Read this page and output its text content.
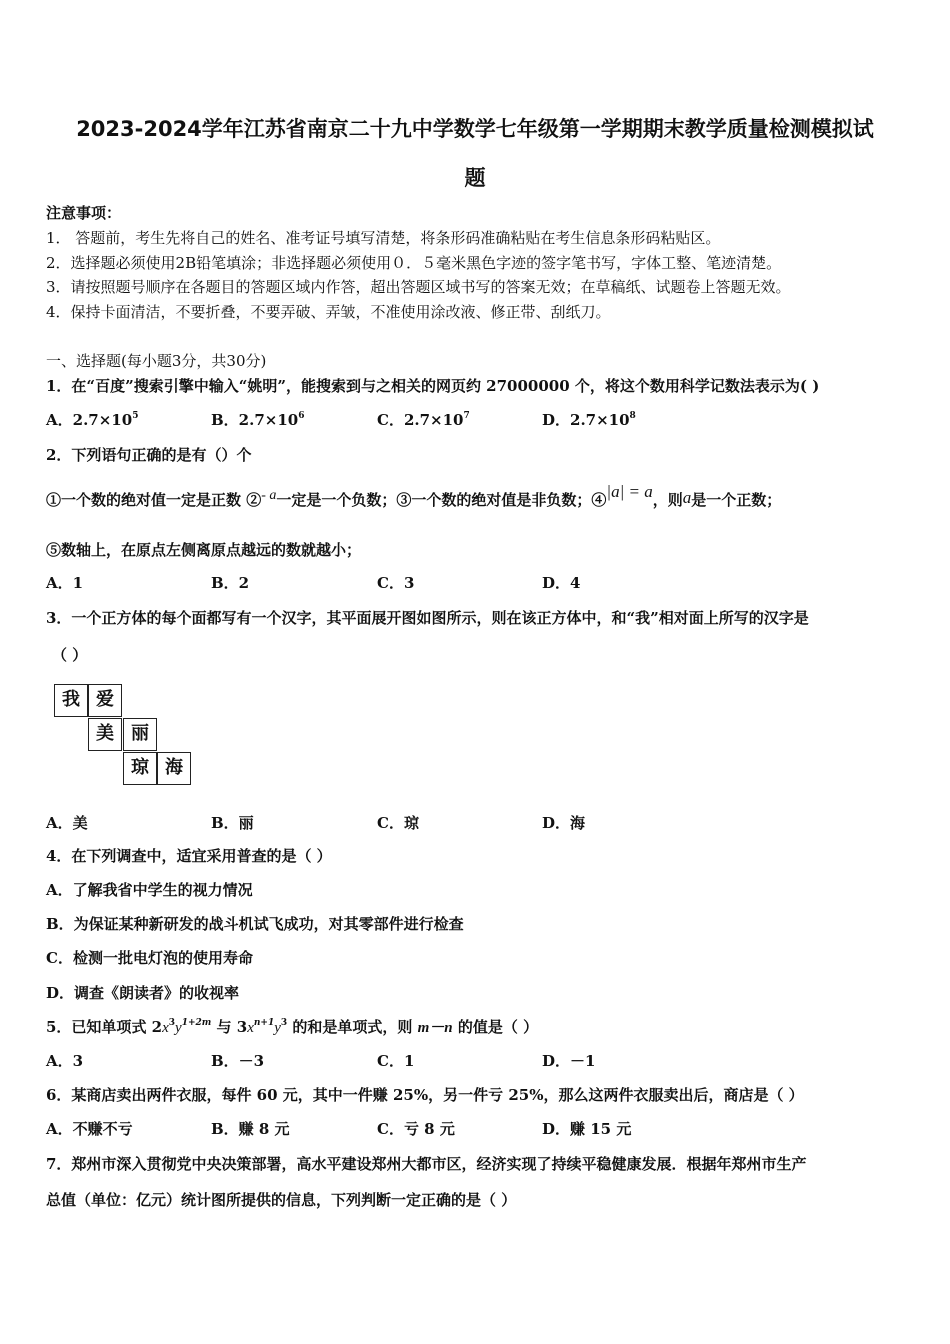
2023-2024学年江苏省南京二十九中学数学七年级第一学期期末教学质量检测模拟试
题
注意事项：
1． 答题前，考生先将自己的姓名、准考证号填写清楚，将条形码准确粘贴在考生信息条形码粘贴区。
2．选择题必须使用2B铅笔填涂；非选择题必须使用０．５毫米黑色字迹的签字笔书写，字体工整、笔迹清楚。
3．请按照题号顺序在各题目的答题区域内作答，超出答题区域书写的答案无效；在草稿纸、试题卷上答题无效。
4．保持卡面清洁，不要折叠，不要弄破、弄皱，不准使用涂改液、修正带、刮纸刀。
一、选择题(每小题3分，共30分)
1．在“百度”搜索引擎中输入“姚明”，能搜索到与之相关的网页约 27000000 个，将这个数用科学记数法表示为( )
A．$2.7\times 10^5$	B．$2.7\times 10^6$	C．$2.7\times 10^7$	D．$2.7\times 10^8$
2．下列语句正确的是有（）个
①一个数的绝对值一定是正数 ②- a一定是一个负数；③一个数的绝对值是非负数；④|a| = a，则a是一个正数；
⑤数轴上，在原点左侧离原点越远的数就越小；
A．1	B．2	C．3	D．4
3．一个正方体的每个面都写有一个汉字，其平面展开图如图所示，则在该正方体中，和“我”相对面上所写的汉字是
（ ）
我 爱
美 丽
琼 海
A．美	B．丽	C．琼	D．海
4．在下列调查中，适宜采用普查的是（ ）
A．了解我省中学生的视力情况
B．为保证某种新研发的战斗机试飞成功，对其零部件进行检查
C．检测一批电灯泡的使用寿命
D．调查《朗读者》的收视率
5．已知单项式 $2x^3y^{1+2m}$ 与 $3x^{n+1}y^3$ 的和是单项式，则 m－n 的值是（ ）
A．3	B．－3	C．1	D．－1
6．某商店卖出两件衣服，每件 60 元，其中一件赚 25%，另一件亏 25%，那么这两件衣服卖出后，商店是（ ）
A．不赚不亏	B．赚 8 元	C．亏 8 元	D．赚 15 元
7．郑州市深入贯彻党中央决策部署，高水平建设郑州大都市区，经济实现了持续平稳健康发展．根据年郑州市生产
总值（单位：亿元）统计图所提供的信息，下列判断一定正确的是（ ）
